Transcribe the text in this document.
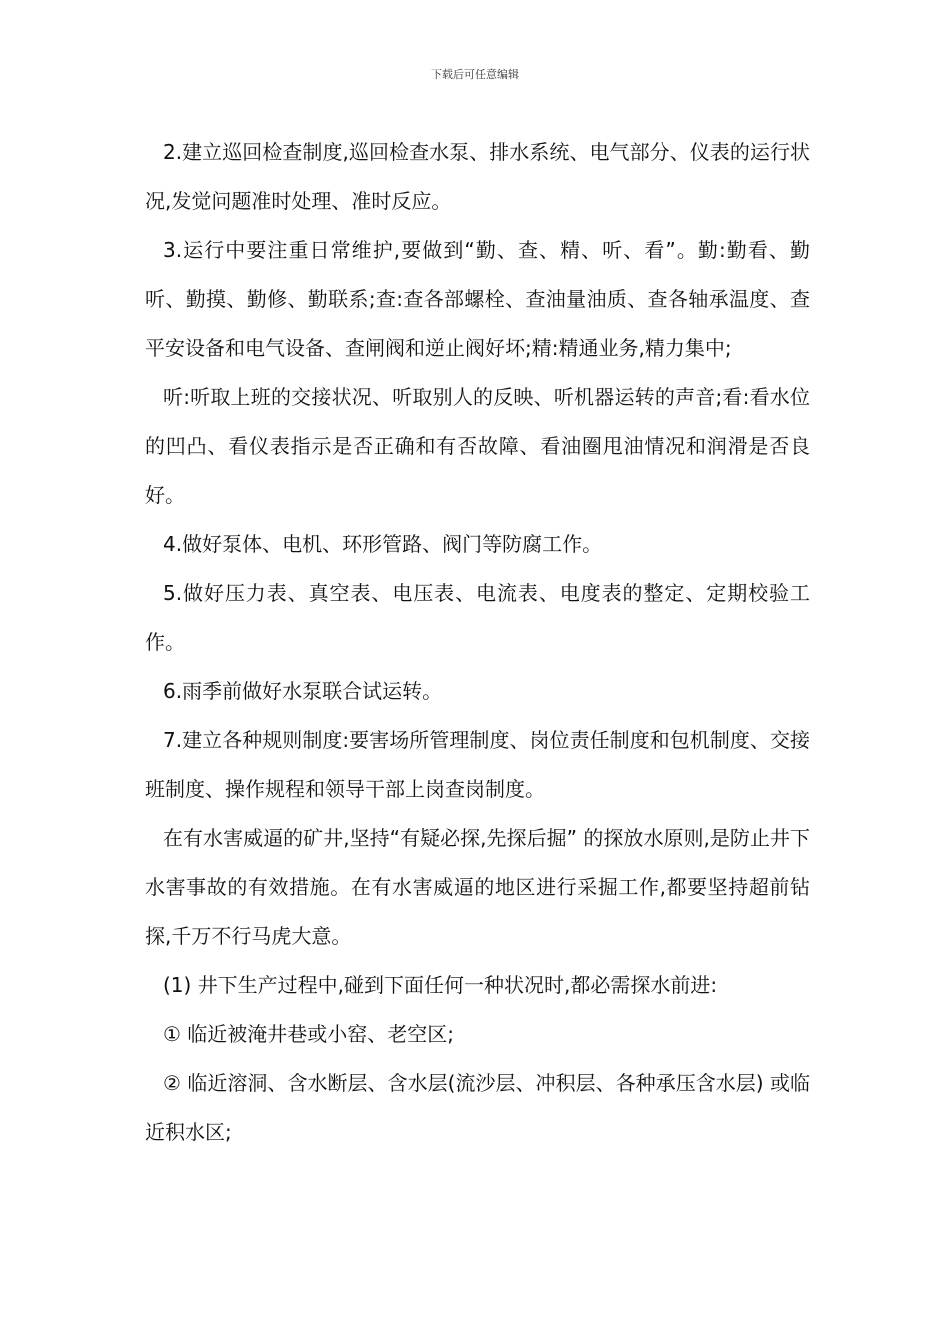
下载后可任意编辑

2.建立巡回检查制度,巡回检查水泵、排水系统、电气部分、仪表的运行状况,发觉问题准时处理、准时反应。

3.运行中要注重日常维护,要做到“勤、查、精、听、看”。勤:勤看、勤听、勤摸、勤修、勤联系;查:查各部螺栓、查油量油质、查各轴承温度、查平安设备和电气设备、查闸阀和逆止阀好坏;精:精通业务,精力集中;

听:听取上班的交接状况、听取别人的反映、听机器运转的声音;看:看水位的凹凸、看仪表指示是否正确和有否故障、看油圈甩油情况和润滑是否良好。

4.做好泵体、电机、环形管路、阀门等防腐工作。

5.做好压力表、真空表、电压表、电流表、电度表的整定、定期校验工作。

6.雨季前做好水泵联合试运转。

7.建立各种规则制度:要害场所管理制度、岗位责任制度和包机制度、交接班制度、操作规程和领导干部上岗查岗制度。

在有水害威逼的矿井,坚持“有疑必探,先探后掘” 的探放水原则,是防止井下水害事故的有效措施。在有水害威逼的地区进行采掘工作,都要坚持超前钻探,千万不行马虎大意。

(1) 井下生产过程中,碰到下面任何一种状况时,都必需探水前进:

① 临近被淹井巷或小窑、老空区;

② 临近溶洞、含水断层、含水层(流沙层、冲积层、各种承压含水层) 或临近积水区;
